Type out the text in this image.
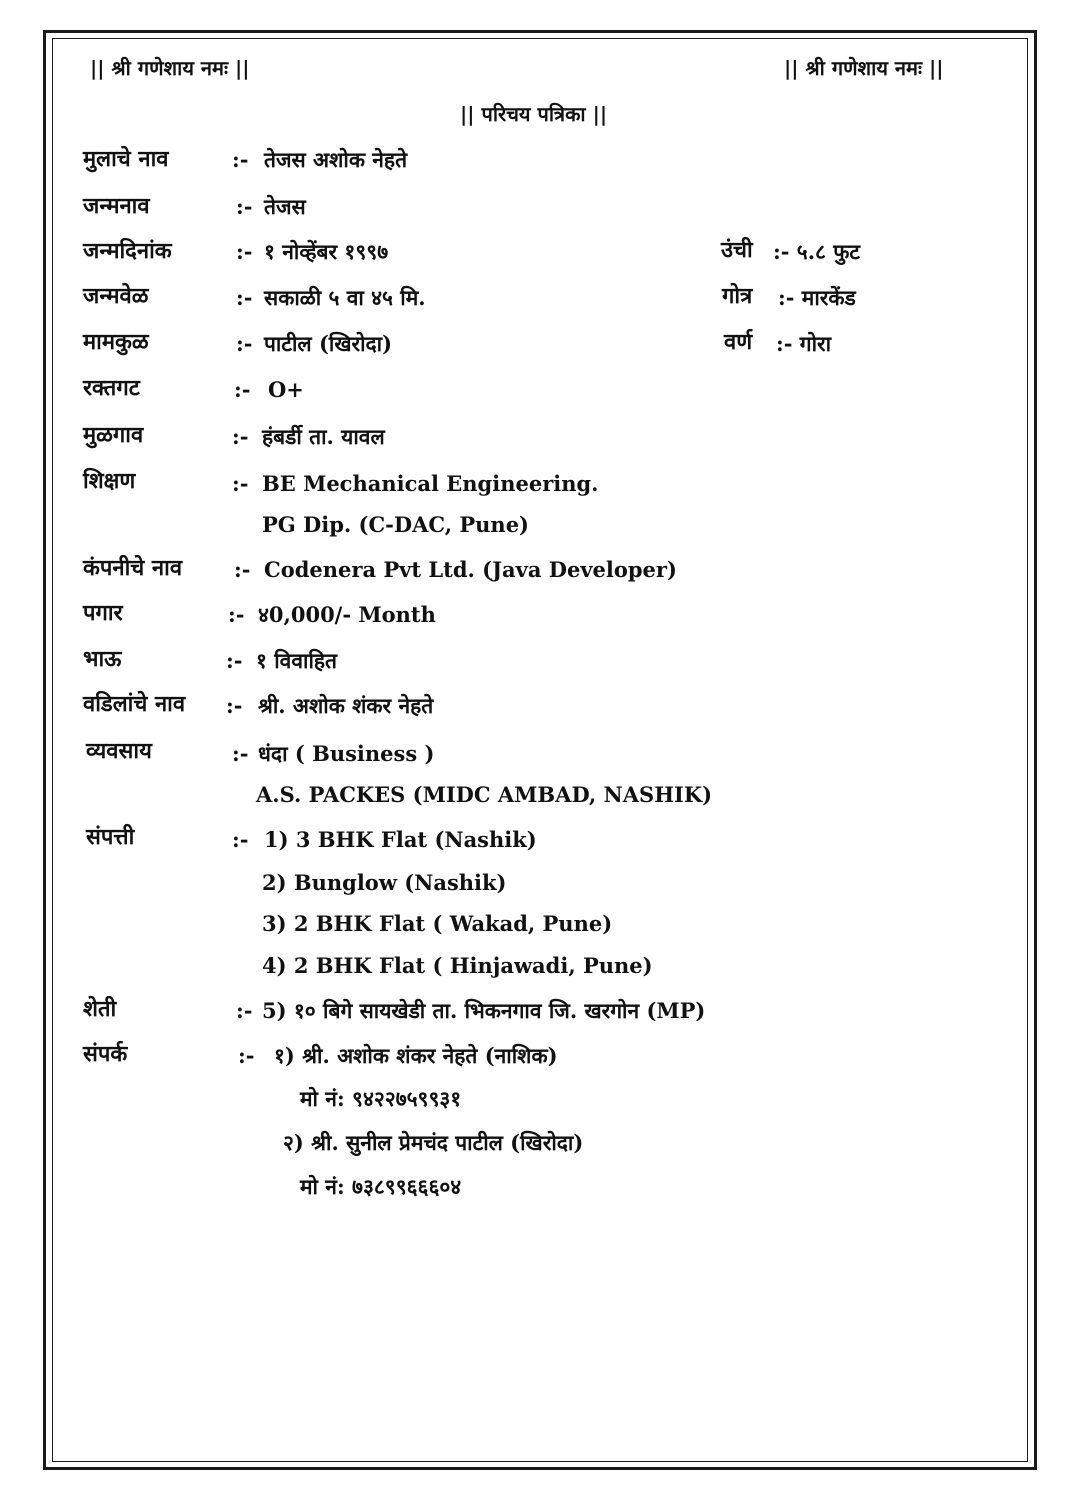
|| श्री गणेशाय नमः ||	|| श्री गणेशाय नमः ||
|| परिचय पत्रिका ||
मुलाचे नाव	:- तेजस अशोक नेहते
जन्मनाव	:- तेजस
जन्मदिनांक	:- १ नोव्हेंबर १९९७	उंची :- ५.८ फुट
जन्मवेळ	:- सकाळी ५ वा ४५ मि.	गोत्र :- मारकेंड
मामकुळ	:- पाटील (खिरोदा)	वर्ण :- गोरा
रक्तगट	:- O+
मुळगाव	:- हंबर्डी ता. यावल
शिक्षण	:- BE Mechanical Engineering.
PG Dip. (C-DAC, Pune)
कंपनीचे नाव :- Codenera Pvt Ltd. (Java Developer)
पगार	:- ४0,000/- Month
भाऊ	:- १ विवाहित
वडिलांचे नाव :- श्री. अशोक शंकर नेहते
व्यवसाय	:- धंदा ( Business )
A.S. PACKES (MIDC AMBAD, NASHIK)
संपत्ती	:- 1) 3 BHK Flat (Nashik)
2) Bunglow (Nashik)
3) 2 BHK Flat ( Wakad, Pune)
4) 2 BHK Flat ( Hinjawadi, Pune)
शेती	:- 5) १० बिगे सायखेडी ता. भिकनगाव जि. खरगोन (MP)
संपर्क	:- १) श्री. अशोक शंकर नेहते (नाशिक)
मो नं: ९४२२७५९९३१
२) श्री. सुनील प्रेमचंद पाटील (खिरोदा)
मो नं: ७३८९९६६६०४
